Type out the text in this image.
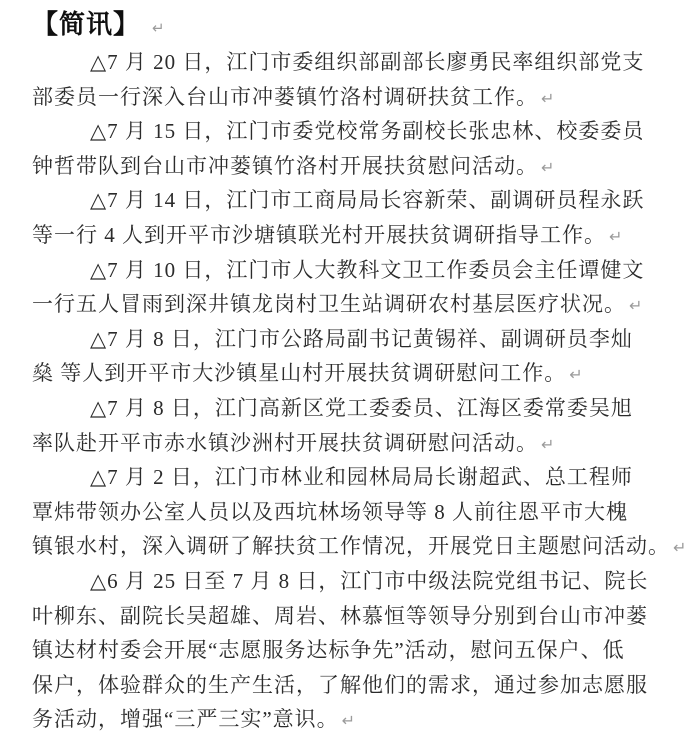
【简讯】 ↵
△7 月 20 日，江门市委组织部副部长廖勇民率组织部党支
部委员一行深入台山市冲蒌镇竹洛村调研扶贫工作。 ↵
△7 月 15 日，江门市委党校常务副校长张忠林、校委委员
钟哲带队到台山市冲蒌镇竹洛村开展扶贫慰问活动。 ↵
△7 月 14 日，江门市工商局局长容新荣、副调研员程永跃
等一行 4 人到开平市沙塘镇联光村开展扶贫调研指导工作。 ↵
△7 月 10 日，江门市人大教科文卫工作委员会主任谭健文
一行五人冒雨到深井镇龙岗村卫生站调研农村基层医疗状况。 ↵
△7 月 8 日，江门市公路局副书记黄锡祥、副调研员李灿
燊 等人到开平市大沙镇星山村开展扶贫调研慰问工作。 ↵
△7 月 8 日，江门高新区党工委委员、江海区委常委吴旭
率队赴开平市赤水镇沙洲村开展扶贫调研慰问活动。 ↵
△7 月 2 日，江门市林业和园林局局长谢超武、总工程师
覃炜带领办公室人员以及西坑林场领导等 8 人前往恩平市大槐
镇银水村，深入调研了解扶贫工作情况，开展党日主题慰问活动。 ↵
△6 月 25 日至 7 月 8 日，江门市中级法院党组书记、院长
叶柳东、副院长吴超雄、周岩、林慕恒等领导分别到台山市冲蒌
镇达材村委会开展“志愿服务达标争先”活动，慰问五保户、低
保户，体验群众的生产生活，了解他们的需求，通过参加志愿服
务活动，增强“三严三实”意识。 ↵
